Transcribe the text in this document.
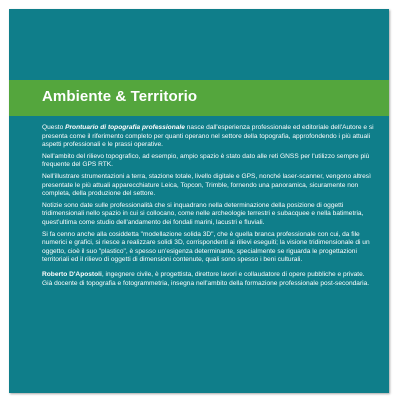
Ambiente & Territorio

Questo Prontuario di topografia professionale nasce dall'esperienza professionale ed editoriale dell'Autore e si presenta come il riferimento completo per quanti operano nel settore della topografia, approfondendo i più attuali aspetti professionali e le prassi operative.

Nell'ambito del rilievo topografico, ad esempio, ampio spazio è stato dato alle reti GNSS per l'utilizzo sempre più frequente del GPS RTK.

Nell'illustrare strumentazioni a terra, stazione totale, livello digitale e GPS, nonché laser-scanner, vengono altresì presentate le più attuali apparecchiature Leica, Topcon, Trimble, fornendo una panoramica, sicuramente non completa, della produzione del settore.

Notizie sono date sulle professionalità che si inquadrano nella determinazione della posizione di oggetti tridimensionali nello spazio in cui si collocano, come nelle archeologie terrestri e subacquee e nella batimetria, quest'ultima come studio dell'andamento dei fondali marini, lacustri e fluviali.

Si fa cenno anche alla cosiddetta "modellazione solida 3D", che è quella branca professionale con cui, da file numerici e grafici, si riesce a realizzare solidi 3D, corrispondenti ai rilievi eseguiti; la visione tridimensionale di un oggetto, cioè il suo "plastico", è spesso un'esigenza determinante, specialmente se riguarda le progettazioni territoriali ed il rilievo di oggetti di dimensioni contenute, quali sono spesso i beni culturali.

Roberto D'Apostoli, ingegnere civile, è progettista, direttore lavori e collaudatore di opere pubbliche e private. Già docente di topografia e fotogrammetria, insegna nell'ambito della formazione professionale post-secondaria.
